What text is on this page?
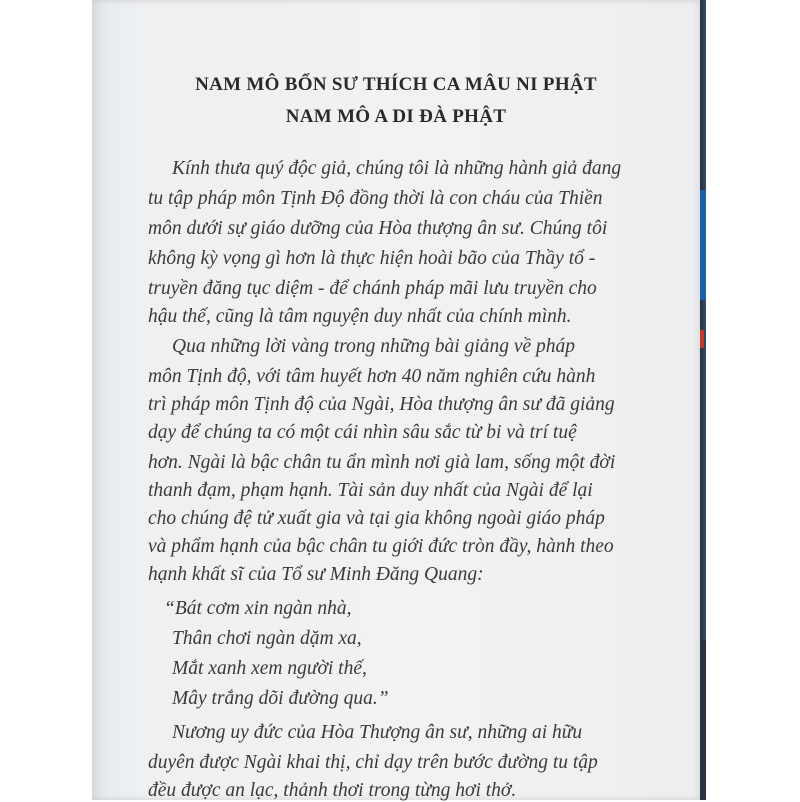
NAM MÔ BỔN SƯ THÍCH CA MÂU NI PHẬT
NAM MÔ A DI ĐÀ PHẬT
Kính thưa quý độc giả, chúng tôi là những hành giả đang
tu tập pháp môn Tịnh Độ đồng thời là con cháu của Thiền
môn dưới sự giáo dưỡng của Hòa thượng ân sư. Chúng tôi
không kỳ vọng gì hơn là thực hiện hoài bão của Thầy tổ -
truyền đăng tục diệm - để chánh pháp mãi lưu truyền cho
hậu thế, cũng là tâm nguyện duy nhất của chính mình.
Qua những lời vàng trong những bài giảng về pháp
môn Tịnh độ, với tâm huyết hơn 40 năm nghiên cứu hành
trì pháp môn Tịnh độ của Ngài, Hòa thượng ân sư đã giảng
dạy để chúng ta có một cái nhìn sâu sắc từ bi và trí tuệ
hơn. Ngài là bậc chân tu ẩn mình nơi già lam, sống một đời
thanh đạm, phạm hạnh. Tài sản duy nhất của Ngài để lại
cho chúng đệ tử xuất gia và tại gia không ngoài giáo pháp
và phẩm hạnh của bậc chân tu giới đức tròn đầy, hành theo
hạnh khất sĩ của Tổ sư Minh Đăng Quang:
“Bát cơm xin ngàn nhà,
Thân chơi ngàn dặm xa,
Mắt xanh xem người thế,
Mây trắng dõi đường qua.”
Nương uy đức của Hòa Thượng ân sư, những ai hữu
duyên được Ngài khai thị, chỉ dạy trên bước đường tu tập
đều được an lạc, thảnh thơi trong từng hơi thở.
